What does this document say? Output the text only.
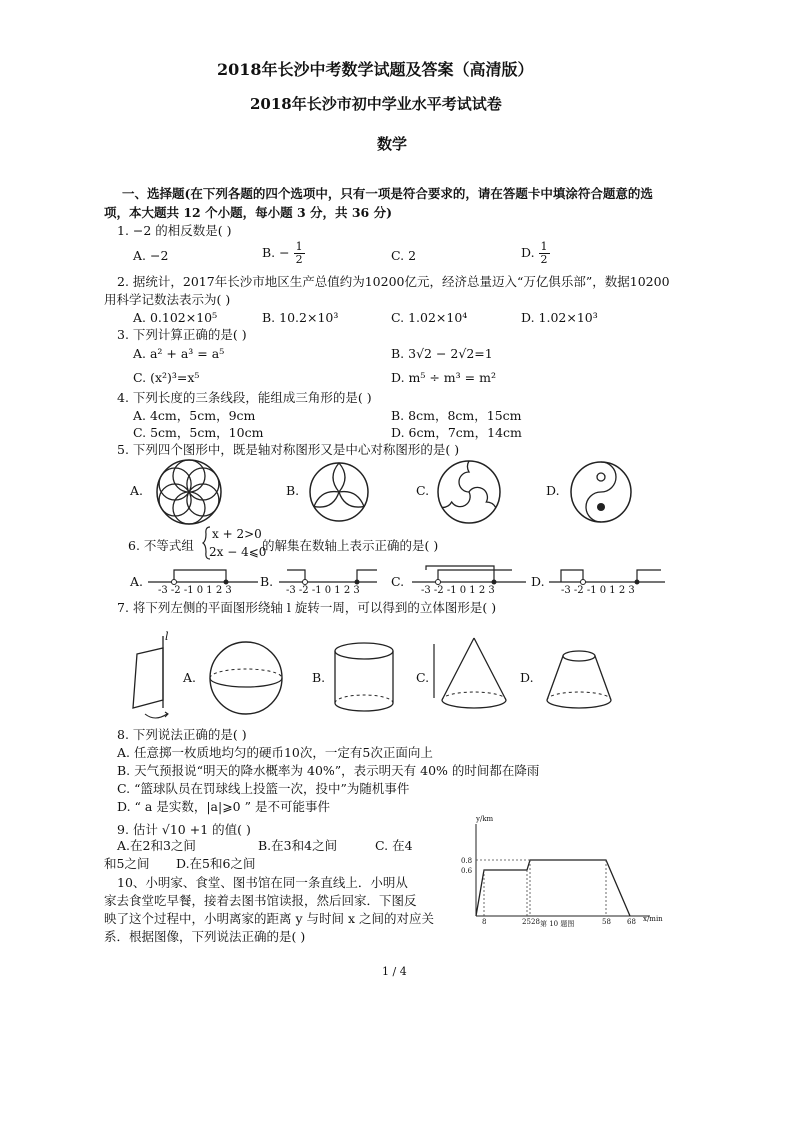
2018年长沙中考数学试题及答案（高清版）
2018年长沙市初中学业水平考试试卷
数学
一、选择题(在下列各题的四个选项中，只有一项是符合要求的，请在答题卡中填涂符合题意的选
项，本大题共 12 个小题，每小题 3 分，共 36 分)
1. −2 的相反数是( )
A. −2	B. − $\frac{1}{2}$	C. 2	D. $\frac{1}{2}$
2. 据统计，2017年长沙市地区生产总值约为10200亿元，经济总量迈入“万亿俱乐部”，数据10200
用科学记数法表示为( )
A. 0.102×10⁵	B. 10.2×10³	C. 1.02×10⁴	D. 1.02×10³
3. 下列计算正确的是( )
A. a² + a³ = a⁵	B. 3√2 − 2√2=1
C. (x²)³=x⁵	D. m⁵ ÷ m³ = m²
4. 下列长度的三条线段，能组成三角形的是( )
A. 4cm，5cm，9cm	B. 8cm，8cm，15cm
C. 5cm，5cm，10cm	D. 6cm，7cm，14cm
5. 下列四个图形中，既是轴对称图形又是中心对称图形的是( )
A.	B.	C.	D.
6. 不等式组
x + 2>0
2x − 4⩽0
的解集在数轴上表示正确的是( )
A.
-3 -2 -1 0 1 2 3
B.
-3 -2 -1 0 1 2 3
C.
-3 -2 -1 0 1 2 3
D.
-3 -2 -1 0 1 2 3
7. 将下列左侧的平面图形绕轴 l 旋转一周，可以得到的立体图形是( )
l
A.	B.	C.	D.
8. 下列说法正确的是( )
A. 任意掷一枚质地均匀的硬币10次，一定有5次正面向上
B. 天气预报说“明天的降水概率为 40%”，表示明天有 40% 的时间都在降雨
C. “篮球队员在罚球线上投篮一次，投中”为随机事件
D. “ a 是实数，|a|⩾0 ” 是不可能事件
9. 估计 √10 +1 的值( )
A.在2和3之间	B.在3和4之间	C. 在4
和5之间 D.在5和6之间
10、小明家、食堂、图书馆在同一条直线上．小明从
家去食堂吃早餐，接着去图书馆读报，然后回家．下图反
映了这个过程中，小明离家的距离 y 与时间 x 之间的对应关
系．根据图像，下列说法正确的是( )
y/km
0.8
0.6
8	25 28	58 68 x/min
第 10 题图
1 / 4
